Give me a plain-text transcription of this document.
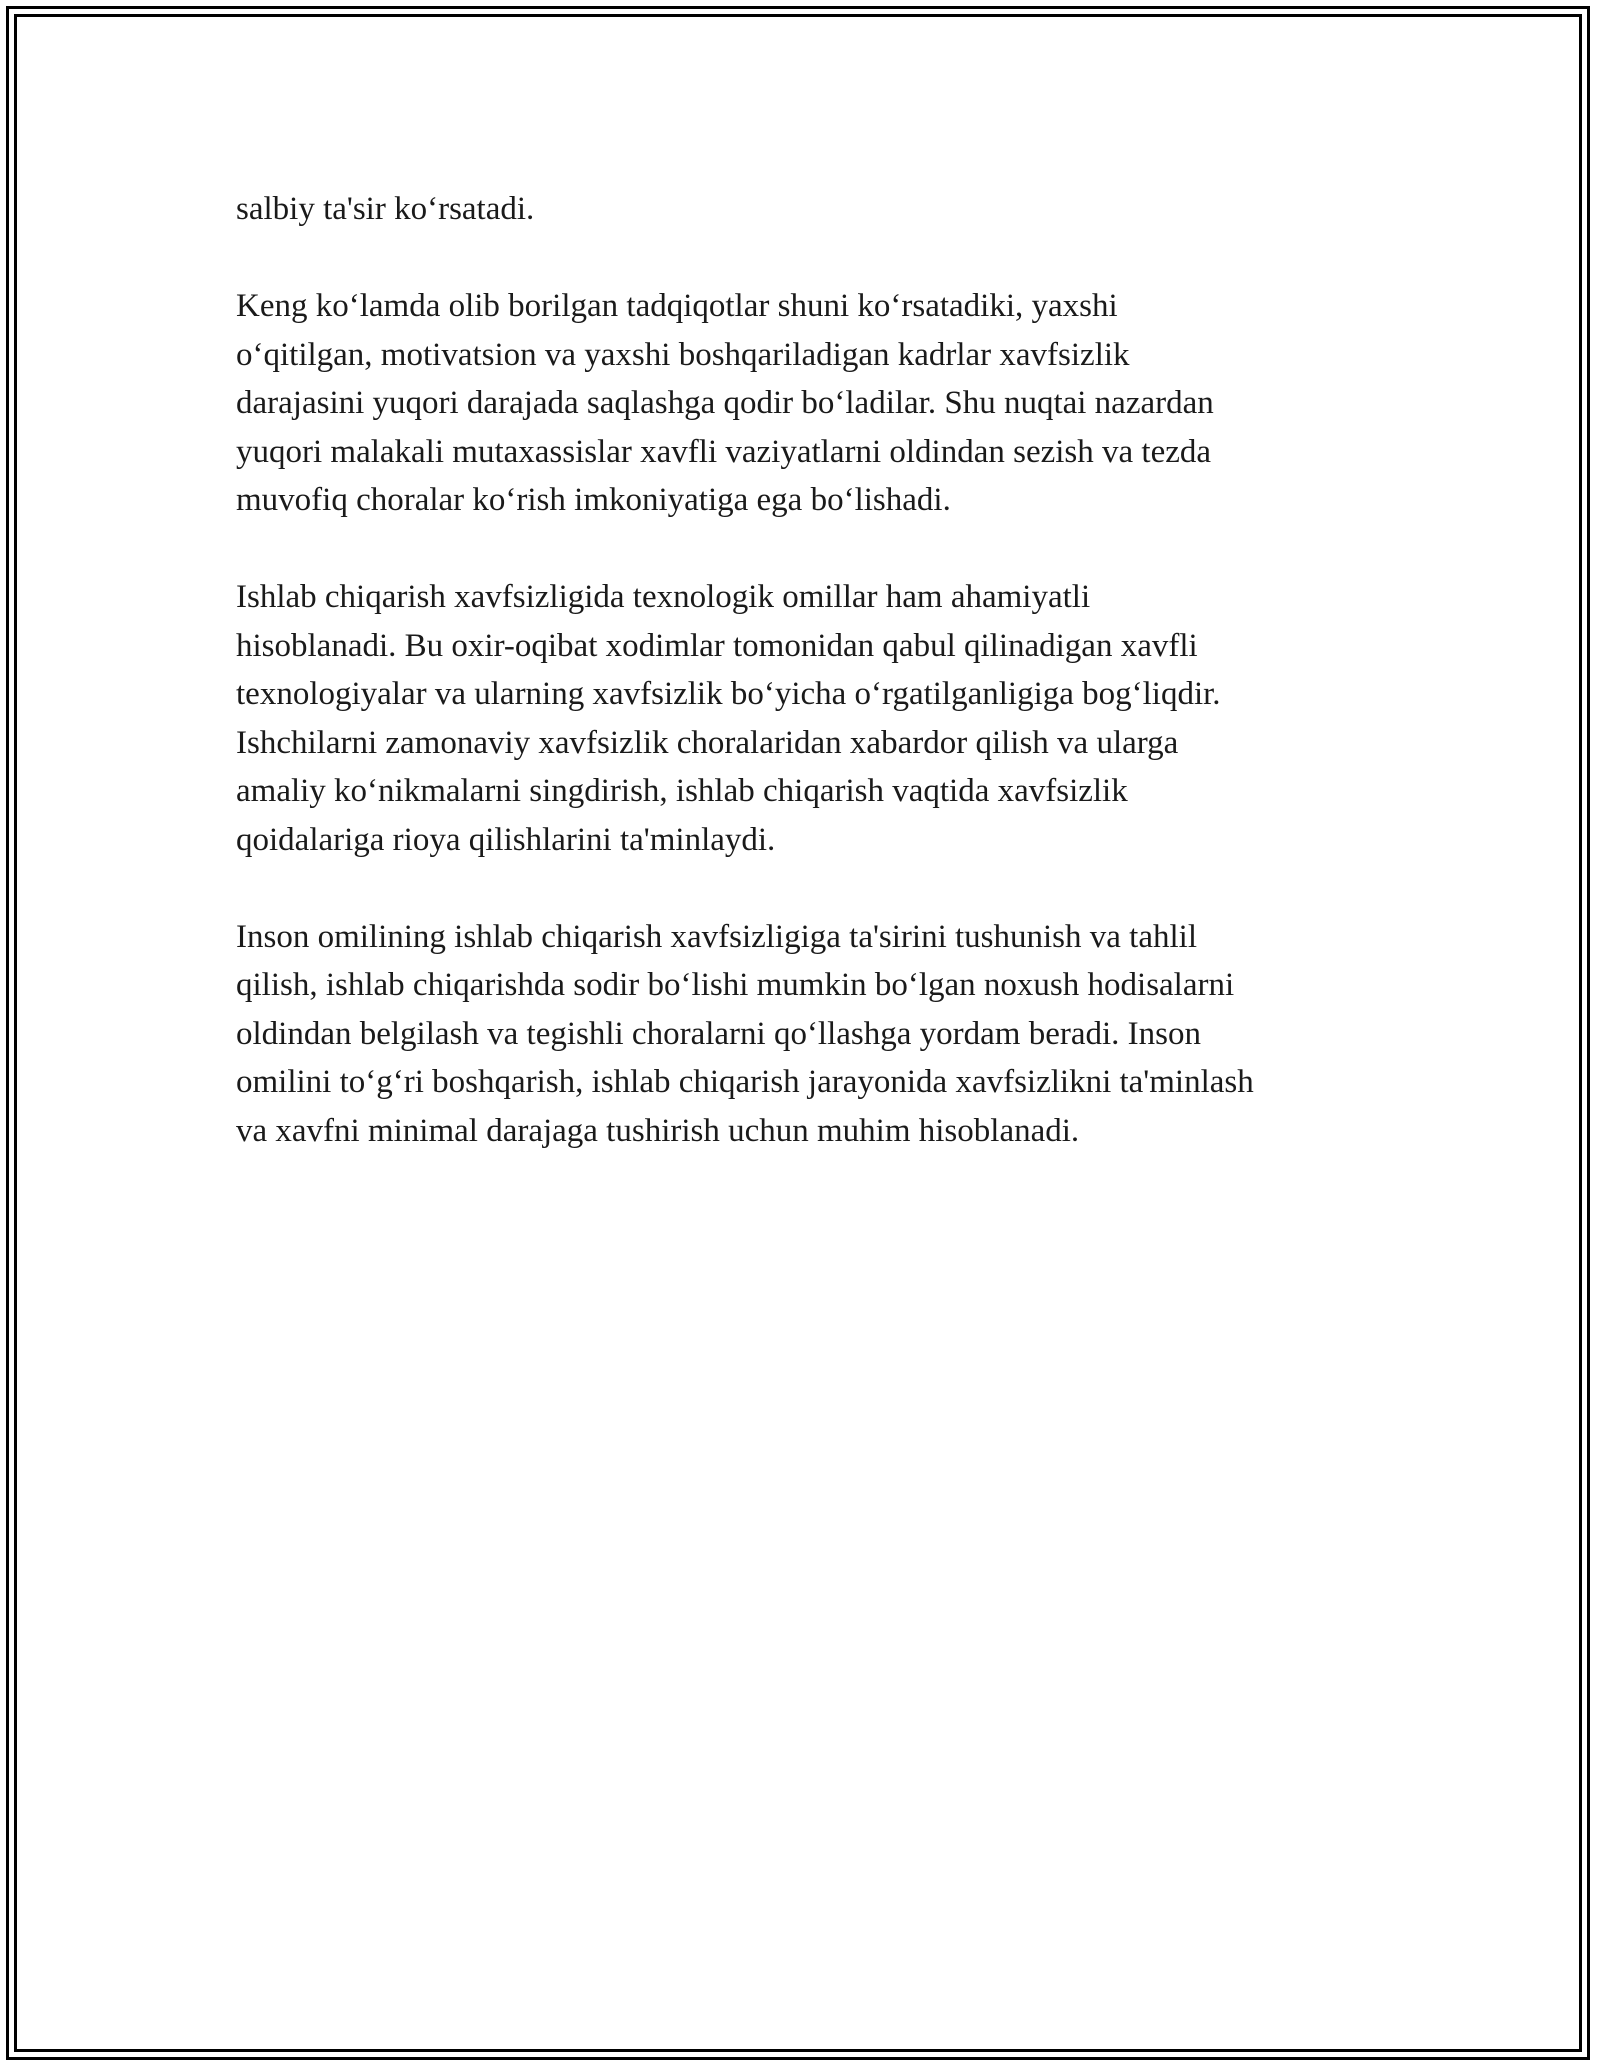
salbiy ta'sir ko‘rsatadi.

Keng ko‘lamda olib borilgan tadqiqotlar shuni ko‘rsatadiki, yaxshi
o‘qitilgan, motivatsion va yaxshi boshqariladigan kadrlar xavfsizlik
darajasini yuqori darajada saqlashga qodir bo‘ladilar. Shu nuqtai nazardan
yuqori malakali mutaxassislar xavfli vaziyatlarni oldindan sezish va tezda
muvofiq choralar ko‘rish imkoniyatiga ega bo‘lishadi.

Ishlab chiqarish xavfsizligida texnologik omillar ham ahamiyatli
hisoblanadi. Bu oxir-oqibat xodimlar tomonidan qabul qilinadigan xavfli
texnologiyalar va ularning xavfsizlik bo‘yicha o‘rgatilganligiga bog‘liqdir.
Ishchilarni zamonaviy xavfsizlik choralaridan xabardor qilish va ularga
amaliy ko‘nikmalarni singdirish, ishlab chiqarish vaqtida xavfsizlik
qoidalariga rioya qilishlarini ta'minlaydi.

Inson omilining ishlab chiqarish xavfsizligiga ta'sirini tushunish va tahlil
qilish, ishlab chiqarishda sodir bo‘lishi mumkin bo‘lgan noxush hodisalarni
oldindan belgilash va tegishli choralarni qo‘llashga yordam beradi. Inson
omilini to‘g‘ri boshqarish, ishlab chiqarish jarayonida xavfsizlikni ta'minlash
va xavfni minimal darajaga tushirish uchun muhim hisoblanadi.
